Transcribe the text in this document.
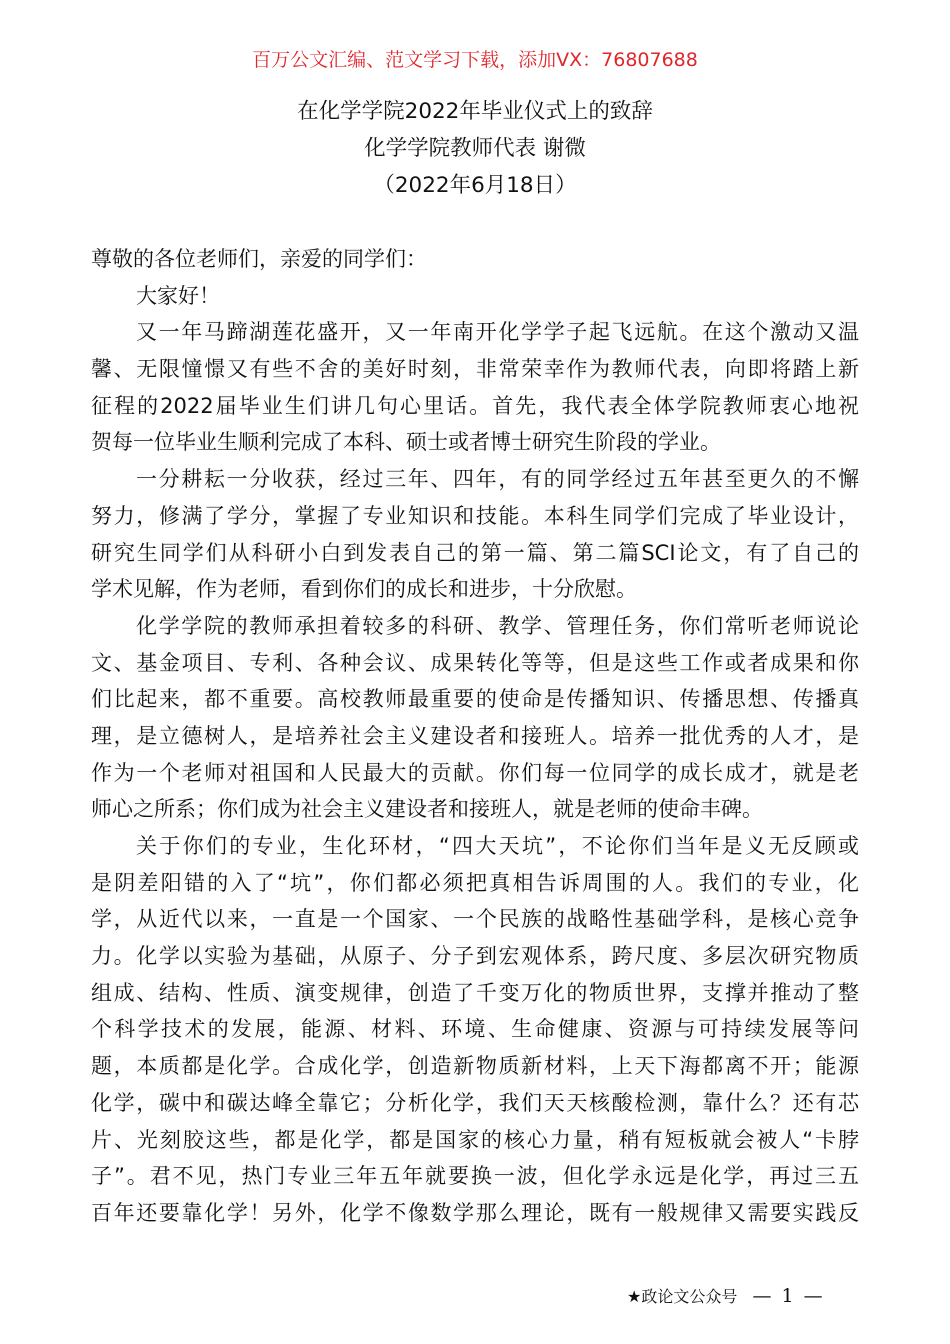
百万公文汇编、范文学习下载，添加VX：76807688
在化学学院2022年毕业仪式上的致辞
化学学院教师代表 谢微
（2022年6月18日）
尊敬的各位老师们，亲爱的同学们：
大家好！
又一年马蹄湖莲花盛开，又一年南开化学学子起飞远航。在这个激动又温
馨、无限憧憬又有些不舍的美好时刻，非常荣幸作为教师代表，向即将踏上新
征程的2022届毕业生们讲几句心里话。首先，我代表全体学院教师衷心地祝
贺每一位毕业生顺利完成了本科、硕士或者博士研究生阶段的学业。
一分耕耘一分收获，经过三年、四年，有的同学经过五年甚至更久的不懈
努力，修满了学分，掌握了专业知识和技能。本科生同学们完成了毕业设计，
研究生同学们从科研小白到发表自己的第一篇、第二篇SCI论文，有了自己的
学术见解，作为老师，看到你们的成长和进步，十分欣慰。
化学学院的教师承担着较多的科研、教学、管理任务，你们常听老师说论
文、基金项目、专利、各种会议、成果转化等等，但是这些工作或者成果和你
们比起来，都不重要。高校教师最重要的使命是传播知识、传播思想、传播真
理，是立德树人，是培养社会主义建设者和接班人。培养一批优秀的人才，是
作为一个老师对祖国和人民最大的贡献。你们每一位同学的成长成才，就是老
师心之所系；你们成为社会主义建设者和接班人，就是老师的使命丰碑。
关于你们的专业，生化环材，“四大天坑”，不论你们当年是义无反顾或
是阴差阳错的入了“坑”，你们都必须把真相告诉周围的人。我们的专业，化
学，从近代以来，一直是一个国家、一个民族的战略性基础学科，是核心竞争
力。化学以实验为基础，从原子、分子到宏观体系，跨尺度、多层次研究物质
组成、结构、性质、演变规律，创造了千变万化的物质世界，支撑并推动了整
个科学技术的发展，能源、材料、环境、生命健康、资源与可持续发展等问
题，本质都是化学。合成化学，创造新物质新材料，上天下海都离不开；能源
化学，碳中和碳达峰全靠它；分析化学，我们天天核酸检测，靠什么？还有芯
片、光刻胶这些，都是化学，都是国家的核心力量，稍有短板就会被人“卡脖
子”。君不见，热门专业三年五年就要换一波，但化学永远是化学，再过三五
百年还要靠化学！另外，化学不像数学那么理论，既有一般规律又需要实践反
★政论文公众号 — 1 —
